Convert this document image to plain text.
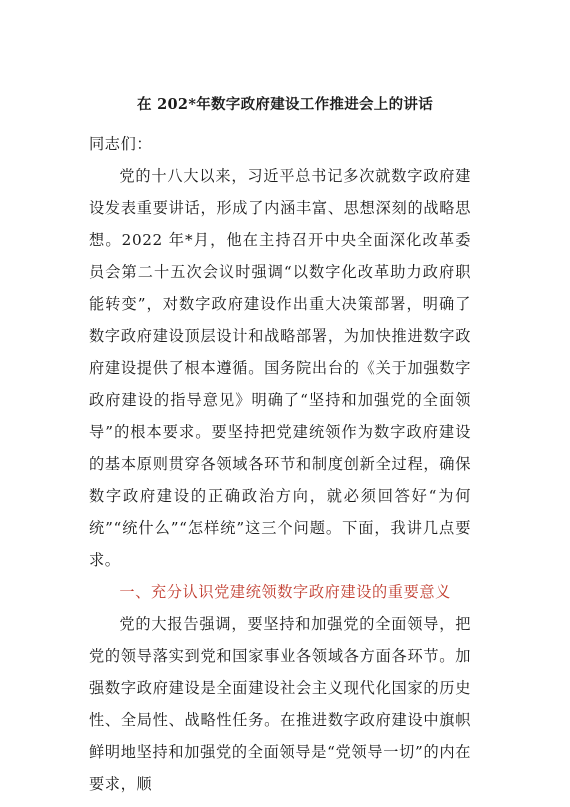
在 202*年数字政府建设工作推进会上的讲话

同志们：

党的十八大以来，习近平总书记多次就数字政府建设发表重要讲话，形成了内涵丰富、思想深刻的战略思想。2022 年*月，他在主持召开中央全面深化改革委员会第二十五次会议时强调“以数字化改革助力政府职能转变”，对数字政府建设作出重大决策部署，明确了数字政府建设顶层设计和战略部署，为加快推进数字政府建设提供了根本遵循。国务院出台的《关于加强数字政府建设的指导意见》明确了“坚持和加强党的全面领导”的根本要求。要坚持把党建统领作为数字政府建设的基本原则贯穿各领域各环节和制度创新全过程，确保数字政府建设的正确政治方向，就必须回答好“为何统”“统什么”“怎样统”这三个问题。下面，我讲几点要求。

一、充分认识党建统领数字政府建设的重要意义

党的大报告强调，要坚持和加强党的全面领导，把党的领导落实到党和国家事业各领域各方面各环节。加强数字政府建设是全面建设社会主义现代化国家的历史性、全局性、战略性任务。在推进数字政府建设中旗帜鲜明地坚持和加强党的全面领导是“党领导一切”的内在要求，顺
